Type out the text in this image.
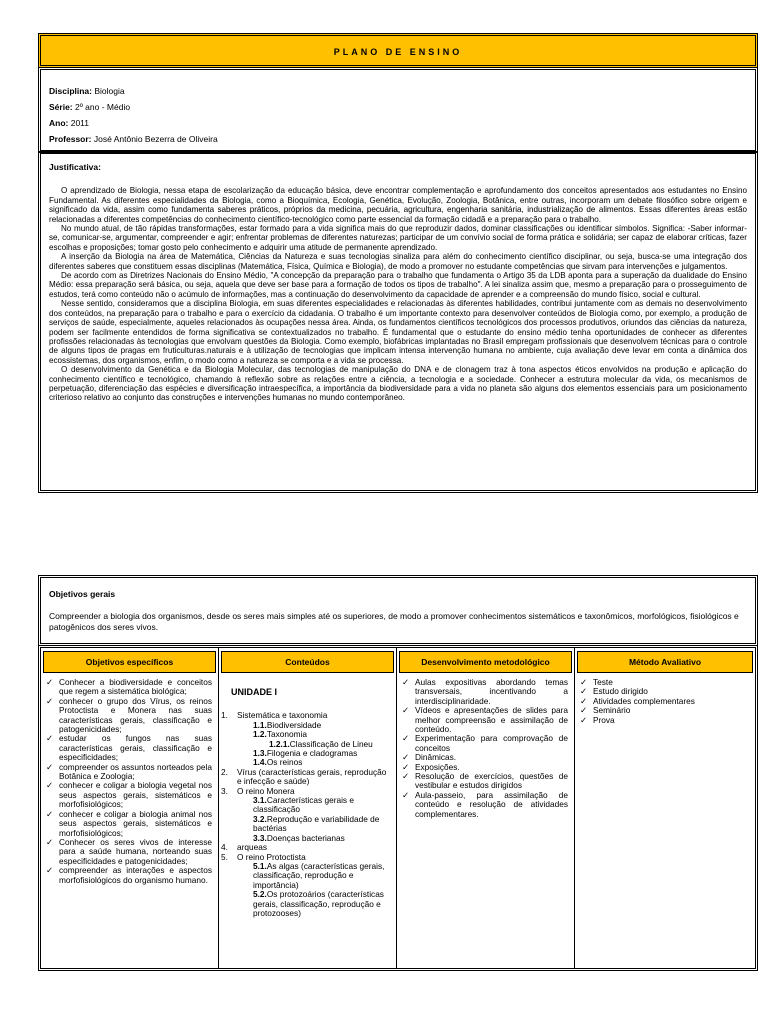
PLANO DE ENSINO
Disciplina: Biologia
Série: 2º ano - Médio
Ano: 2011
Professor: José Antônio Bezerra de Oliveira
Justificativa:

O aprendizado de Biologia, nessa etapa de escolarização da educação básica, deve encontrar complementação e aprofundamento dos conceitos apresentados aos estudantes no Ensino Fundamental. As diferentes especialidades da Biologia, como a Bioquímica, Ecologia, Genética, Evolução, Zoologia, Botânica, entre outras, incorporam um debate filosófico sobre origem e significado da vida, assim como fundamenta saberes práticos, próprios da medicina, pecuária, agricultura, engenharia sanitária, industrialização de alimentos. Essas diferentes áreas estão relacionadas a diferentes competências do conhecimento científico-tecnológico como parte essencial da formação cidadã e a preparação para o trabalho.

No mundo atual, de tão rápidas transformações, estar formado para a vida significa mais do que reproduzir dados, dominar classificações ou identificar símbolos. Significa: -Saber informar-se, comunicar-se, argumentar, compreender e agir; enfrentar problemas de diferentes naturezas; participar de um convívio social de forma prática e solidária; ser capaz de elaborar críticas, fazer escolhas e proposições; tomar gosto pelo conhecimento e adquirir uma atitude de permanente aprendizado.

A inserção da Biologia na área de Matemática, Ciências da Natureza e suas tecnologias sinaliza para além do conhecimento científico disciplinar, ou seja, busca-se uma integração dos diferentes saberes que constituem essas disciplinas (Matemática, Física, Química e Biologia), de modo a promover no estudante competências que sirvam para intervenções e julgamentos.

De acordo com as Diretrizes Nacionais do Ensino Médio, "A concepção da preparação para o trabalho que fundamenta o Artigo 35 da LDB aponta para a superação da dualidade do Ensino Médio: essa preparação será básica, ou seja, aquela que deve ser base para a formação de todos os tipos de trabalho". A lei sinaliza assim que, mesmo a preparação para o prosseguimento de estudos, terá como conteúdo não o acúmulo de informações, mas a continuação do desenvolvimento da capacidade de aprender e a compreensão do mundo físico, social e cultural.

Nesse sentido, consideramos que a disciplina Biologia, em suas diferentes especialidades e relacionadas às diferentes habilidades, contribui juntamente com as demais no desenvolvimento dos conteúdos, na preparação para o trabalho e para o exercício da cidadania. O trabalho é um importante contexto para desenvolver conteúdos de Biologia como, por exemplo, a produção de serviços de saúde, especialmente, aqueles relacionados às ocupações nessa área. Ainda, os fundamentos científicos tecnológicos dos processos produtivos, oriundos das ciências da natureza, podem ser facilmente entendidos de forma significativa se contextualizados no trabalho. É fundamental que o estudante do ensino médio tenha oportunidades de conhecer as diferentes profissões relacionadas às tecnologias que envolvam questões da Biologia. Como exemplo, biofábricas implantadas no Brasil empregam profissionais que desenvolvem técnicas para o controle de alguns tipos de pragas em fruticulturas.naturais e à utilização de tecnologias que implicam intensa intervenção humana no ambiente, cuja avaliação deve levar em conta a dinâmica dos ecossistemas, dos organismos, enfim, o modo como a natureza se comporta e a vida se processa.

O desenvolvimento da Genética e da Biologia Molecular, das tecnologias de manipulação do DNA e de clonagem traz à tona aspectos éticos envolvidos na produção e aplicação do conhecimento científico e tecnológico, chamando à reflexão sobre as relações entre a ciência, a tecnologia e a sociedade. Conhecer a estrutura molecular da vida, os mecanismos de perpetuação, diferenciação das espécies e diversificação intraespecífica, a importância da biodiversidade para a vida no planeta são alguns dos elementos essenciais para um posicionamento criterioso relativo ao conjunto das construções e intervenções humanas no mundo contemporâneo.

Objetivos gerais
Compreender a biologia dos organismos, desde os seres mais simples até os superiores, de modo a promover conhecimentos sistemáticos e taxonômicos, morfológicos, fisiológicos e patogênicos dos seres vivos.
Objetivos específicos
✓ Conhecer a biodiversidade e conceitos que regem a sistemática biológica;
✓ conhecer o grupo dos Vírus, os reinos Protoctista e Monera nas suas características gerais, classificação e patogenicidades;
✓ estudar os fungos nas suas características gerais, classificação e especificidades;
✓ compreender os assuntos norteados pela Botânica e Zoologia;
✓ conhecer e coligar a biologia vegetal nos seus aspectos gerais, sistemáticos e morfofisiológicos;
✓ conhecer e coligar a biologia animal nos seus aspectos gerais, sistemáticos e morfofisiológicos;
✓ Conhecer os seres vivos de interesse para a saúde humana, norteando suas especificidades e patogenicidades;
✓ compreender as interações e aspectos morfofisiológicos do organismo humano.
Conteúdos
UNIDADE I
1. Sistemática e taxonomia
1.1.Biodiversidade
1.2.Taxonomia
1.2.1.Classificação de Lineu
1.3.Filogenia e cladogramas
1.4.Os reinos
2. Vírus (características gerais, reprodução e infecção e saúde)
3. O reino Monera
3.1.Características gerais e classificação
3.2.Reprodução e variabilidade de bactérias
3.3.Doenças bacterianas
4. arqueas
5. O reino Protoctista
5.1.As algas (características gerais, classificação, reprodução e importância)
5.2.Os protozoários (características gerais, classificação, reprodução e protozooses)
Desenvolvimento metodológico
✓ Aulas expositivas abordando temas transversais, incentivando a interdisciplinaridade.
✓ Vídeos e apresentações de slides para melhor compreensão e assimilação de conteúdo.
✓ Experimentação para comprovação de conceitos
✓ Dinâmicas.
✓ Exposições.
✓ Resolução de exercícios, questões de vestibular e estudos dirigidos
✓ Aula-passeio, para assimilação de conteúdo e resolução de atividades complementares.
Método Avaliativo
✓ Teste
✓ Estudo dirigido
✓ Atividades complementares
✓ Seminário
✓ Prova
